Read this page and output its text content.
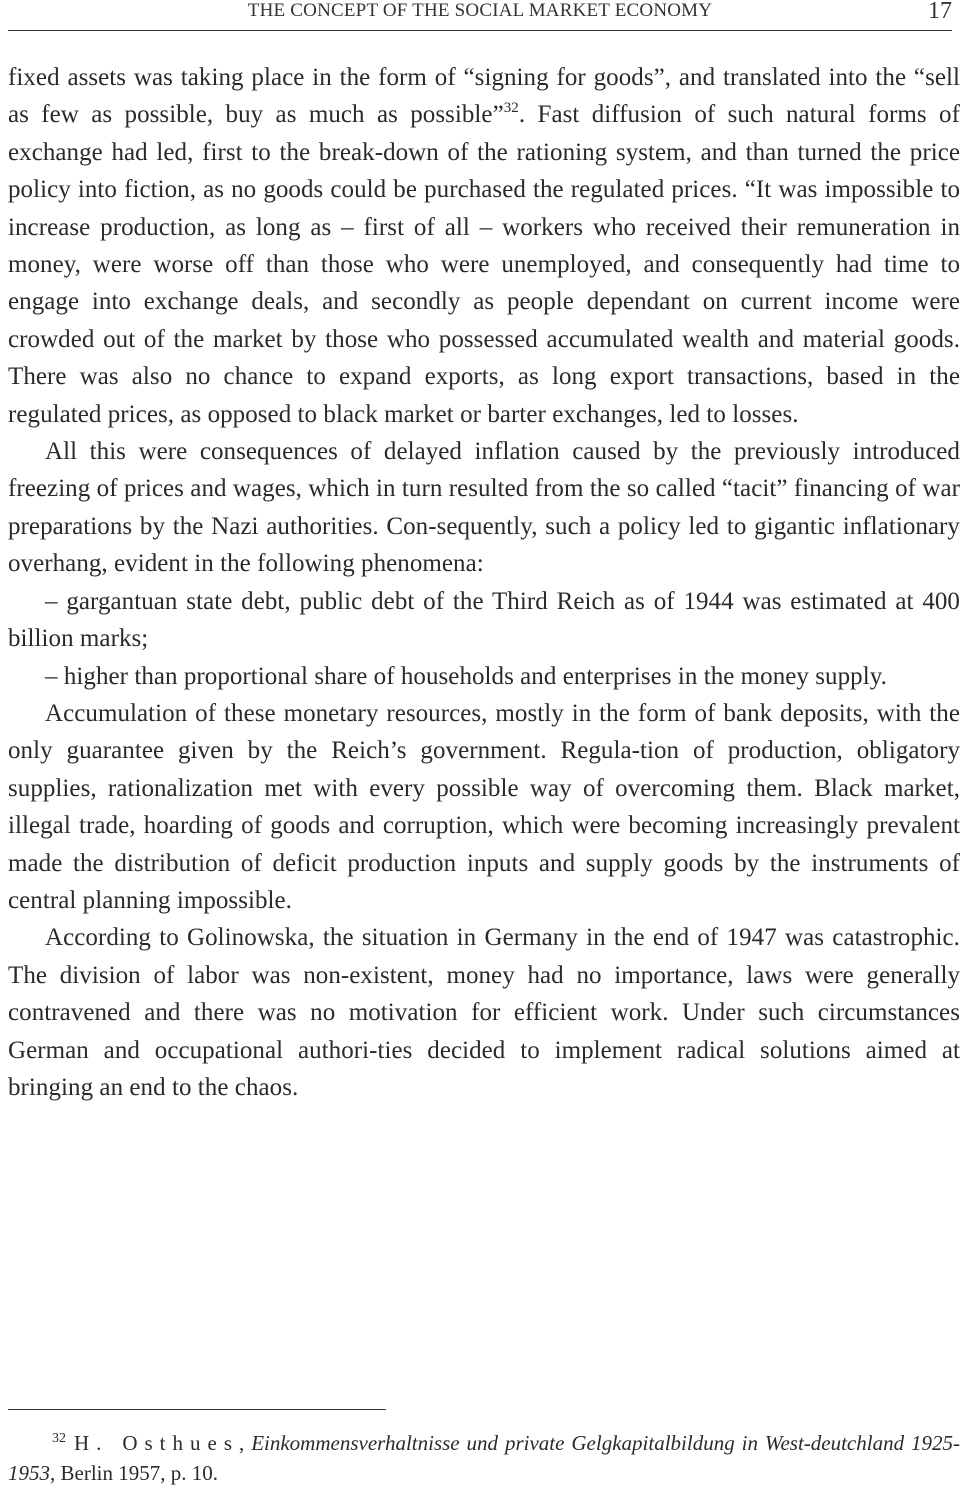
THE CONCEPT OF THE SOCIAL MARKET ECONOMY	17

fixed assets was taking place in the form of “signing for goods”, and translated into the “sell as few as possible, buy as much as possible”$^{32}$. Fast diffusion of such natural forms of exchange had led, first to the break-down of the rationing system, and than turned the price policy into fiction, as no goods could be purchased the regulated prices. “It was impossible to increase production, as long as – first of all – workers who received their remuneration in money, were worse off than those who were unemployed, and consequently had time to engage into exchange deals, and secondly as people dependant on current income were crowded out of the market by those who possessed accumulated wealth and material goods. There was also no chance to expand exports, as long export transactions, based in the regulated prices, as opposed to black market or barter exchanges, led to losses.

All this were consequences of delayed inflation caused by the previously introduced freezing of prices and wages, which in turn resulted from the so called “tacit” financing of war preparations by the Nazi authorities. Con-sequently, such a policy led to gigantic inflationary overhang, evident in the following phenomena:

– gargantuan state debt, public debt of the Third Reich as of 1944 was estimated at 400 billion marks;

– higher than proportional share of households and enterprises in the money supply.

Accumulation of these monetary resources, mostly in the form of bank deposits, with the only guarantee given by the Reich’s government. Regula-tion of production, obligatory supplies, rationalization met with every possible way of overcoming them. Black market, illegal trade, hoarding of goods and corruption, which were becoming increasingly prevalent made the distribution of deficit production inputs and supply goods by the instruments of central planning impossible.

According to Golinowska, the situation in Germany in the end of 1947 was catastrophic. The division of labor was non-existent, money had no importance, laws were generally contravened and there was no motivation for efficient work. Under such circumstances German and occupational authori-ties decided to implement radical solutions aimed at bringing an end to the chaos.

$^{32}$ H. Osthues, Einkommensverhaltnisse und private Gelgkapitalbildung in West-deutchland 1925-1953, Berlin 1957, p. 10.
